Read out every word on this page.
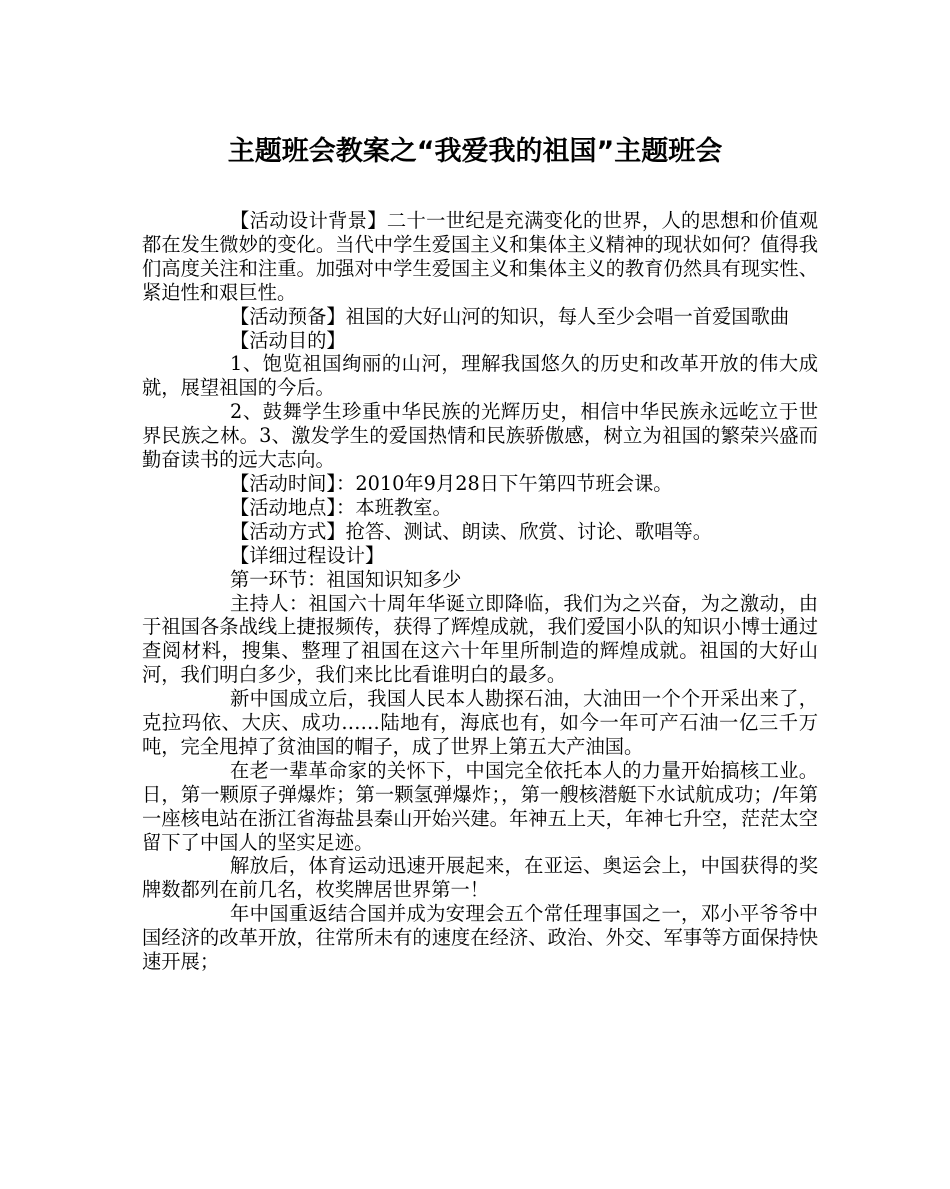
主题班会教案之“我爱我的祖国”主题班会

【活动设计背景】二十一世纪是充满变化的世界，人的思想和价值观都在发生微妙的变化。当代中学生爱国主义和集体主义精神的现状如何？值得我们高度关注和注重。加强对中学生爱国主义和集体主义的教育仍然具有现实性、紧迫性和艰巨性。

【活动预备】祖国的大好山河的知识，每人至少会唱一首爱国歌曲

【活动目的】

1、饱览祖国绚丽的山河，理解我国悠久的历史和改革开放的伟大成就，展望祖国的今后。

2、鼓舞学生珍重中华民族的光辉历史，相信中华民族永远屹立于世界民族之林。3、激发学生的爱国热情和民族骄傲感，树立为祖国的繁荣兴盛而勤奋读书的远大志向。

【活动时间】：2010年9月28日下午第四节班会课。

【活动地点】：本班教室。

【活动方式】抢答、测试、朗读、欣赏、讨论、歌唱等。

【详细过程设计】

第一环节：祖国知识知多少

主持人：祖国六十周年华诞立即降临，我们为之兴奋，为之激动，由于祖国各条战线上捷报频传，获得了辉煌成就，我们爱国小队的知识小博士通过查阅材料，搜集、整理了祖国在这六十年里所制造的辉煌成就。祖国的大好山河，我们明白多少，我们来比比看谁明白的最多。

新中国成立后，我国人民本人勘探石油，大油田一个个开采出来了，克拉玛依、大庆、成功……陆地有，海底也有，如今一年可产石油一亿三千万吨，完全甩掉了贫油国的帽子，成了世界上第五大产油国。

在老一辈革命家的关怀下，中国完全依托本人的力量开始搞核工业。日，第一颗原子弹爆炸；第一颗氢弹爆炸；，第一艘核潜艇下水试航成功；/年第一座核电站在浙江省海盐县秦山开始兴建。年神五上天，年神七升空，茫茫太空留下了中国人的坚实足迹。

解放后，体育运动迅速开展起来，在亚运、奥运会上，中国获得的奖牌数都列在前几名，枚奖牌居世界第一！

年中国重返结合国并成为安理会五个常任理事国之一，邓小平爷爷中国经济的改革开放，往常所未有的速度在经济、政治、外交、军事等方面保持快速开展；
